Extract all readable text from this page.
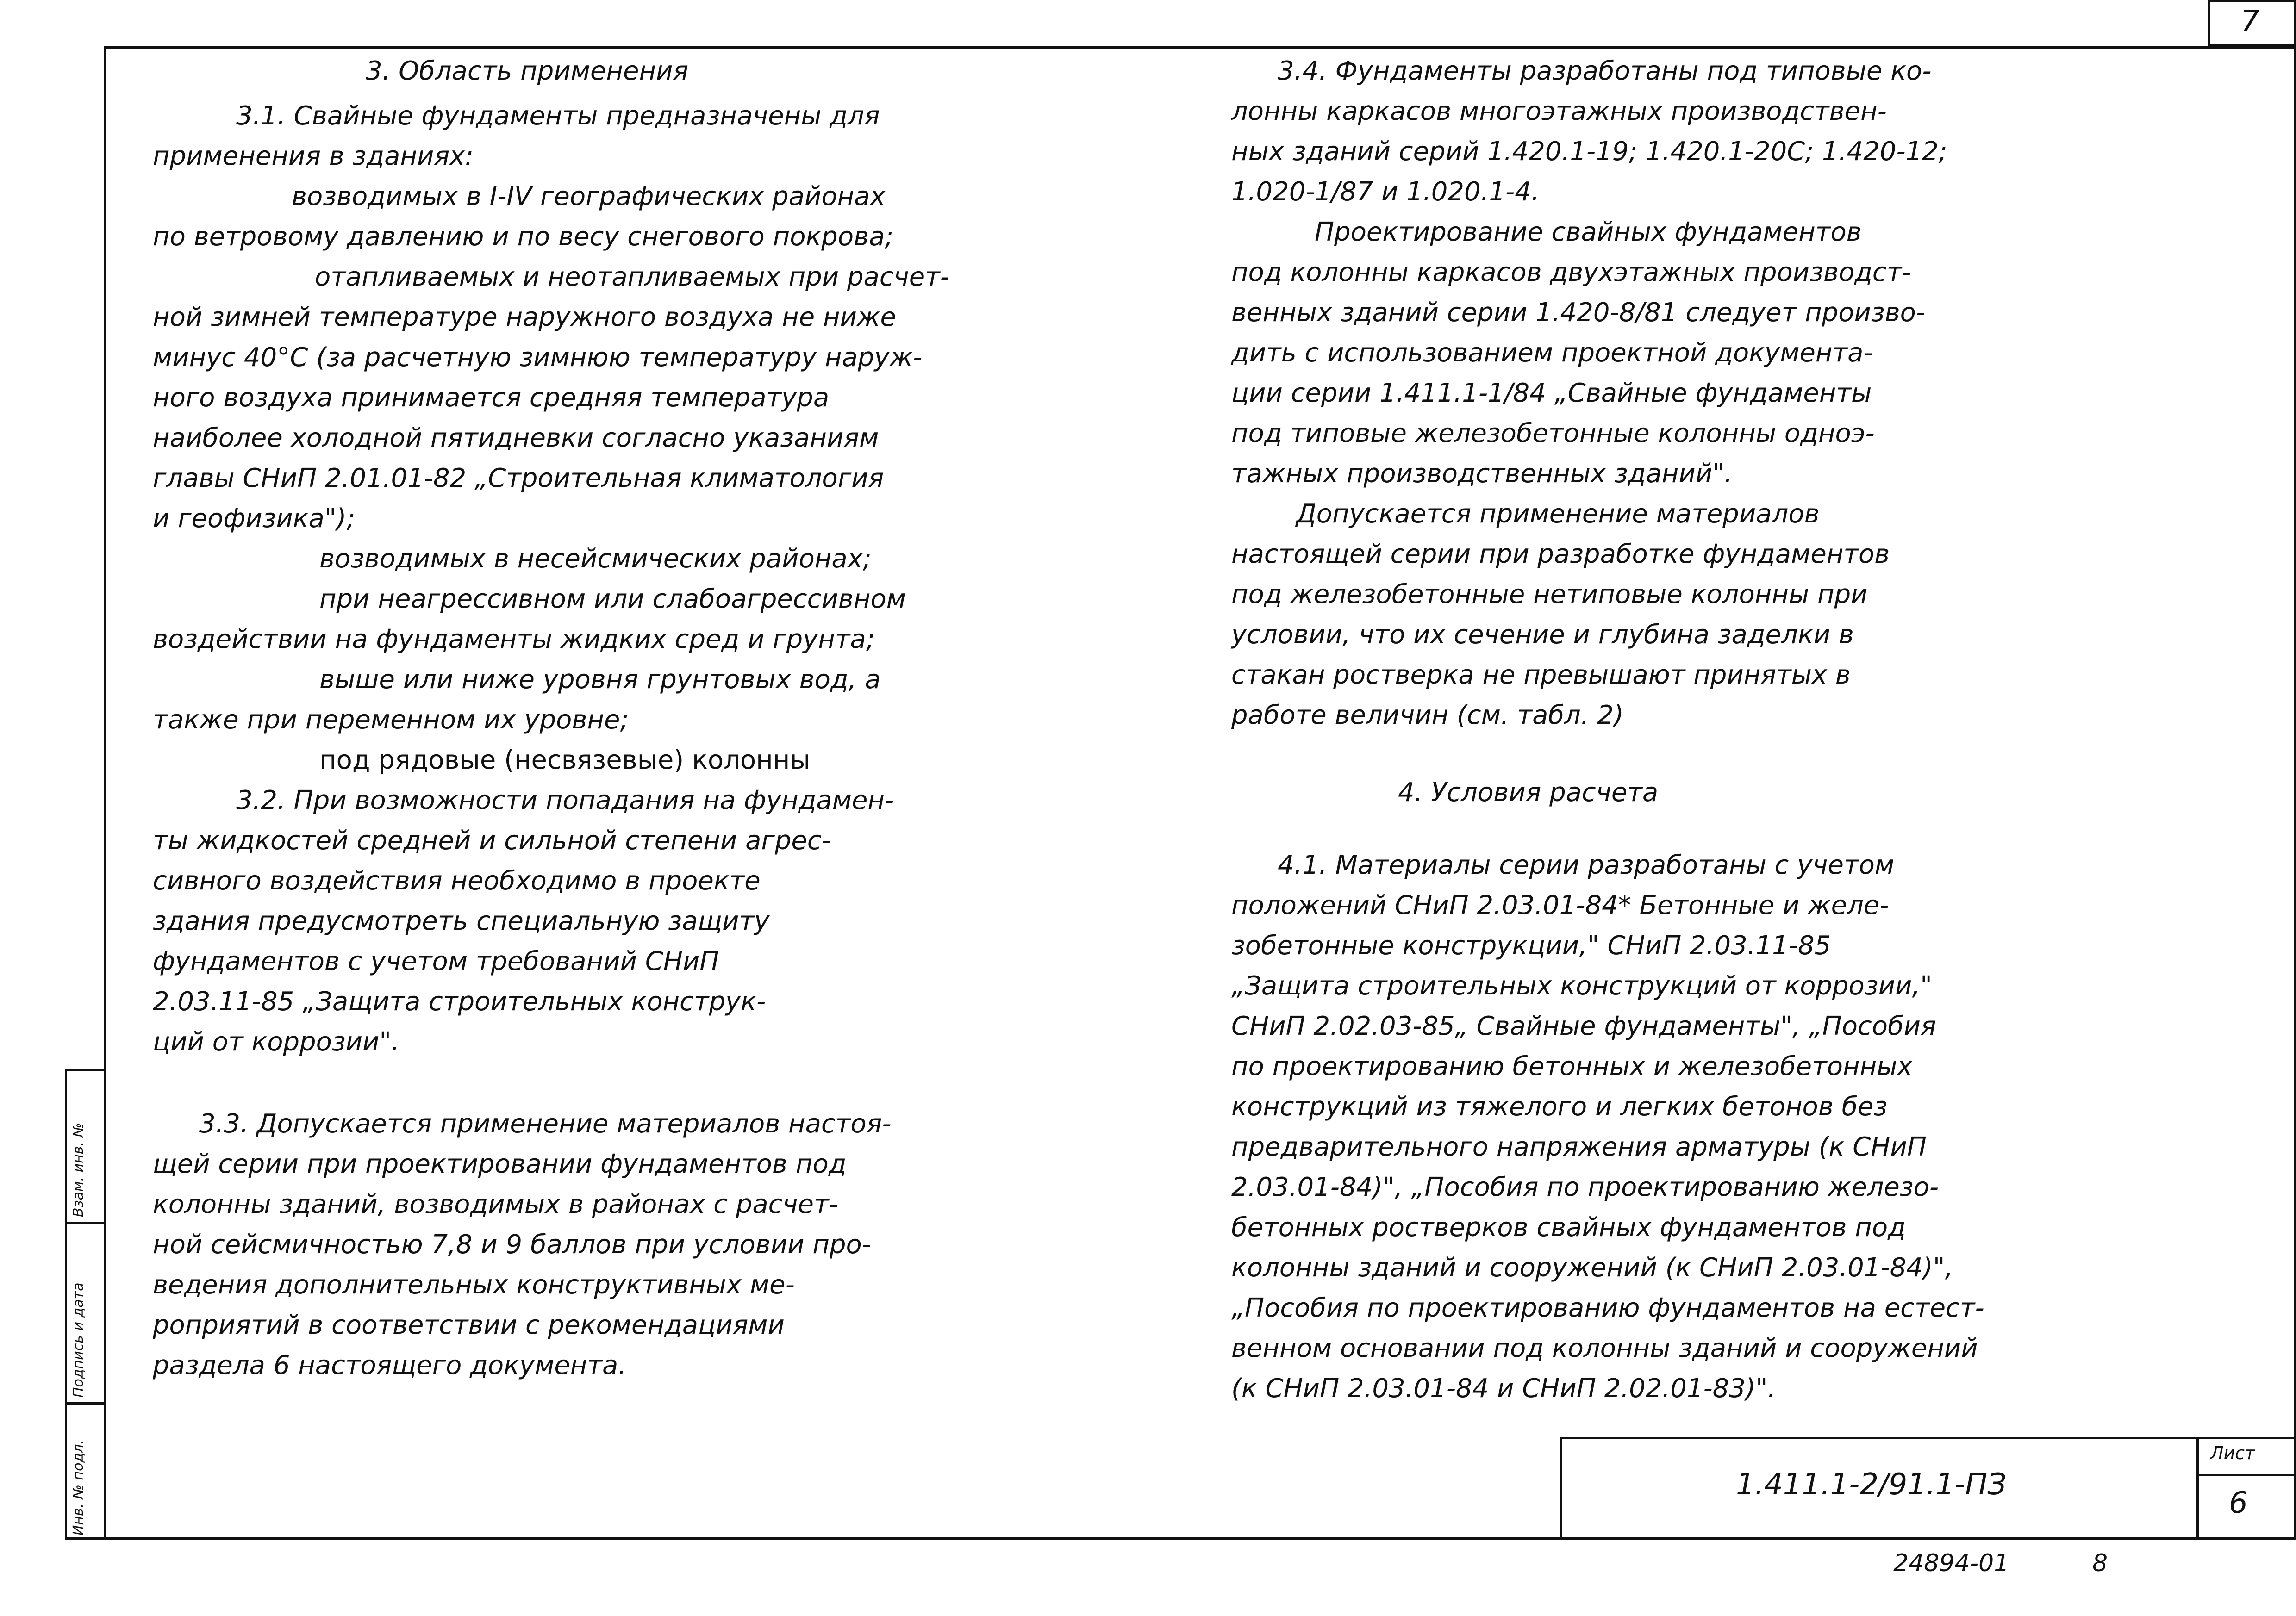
7
Взам. инв. №
Подпись и дата
Инв. № подл.
3. Область применения
3.1. Свайные фундаменты предназначены для
применения в зданиях:
возводимых в I-IV географических районах
по ветровому давлению и по весу снегового покрова;
отапливаемых и неотапливаемых при расчет-
ной зимней температуре наружного воздуха не ниже
минус 40°С (за расчетную зимнюю температуру наруж-
ного воздуха принимается средняя температура
наиболее холодной пятидневки согласно указаниям
главы СНиП 2.01.01-82 „Строительная климатология
и геофизика");
возводимых в несейсмических районах;
при неагрессивном или слабоагрессивном
воздействии на фундаменты жидких сред и грунта;
выше или ниже уровня грунтовых вод, а
также при переменном их уровне;
под рядовые (несвязевые) колонны
3.2. При возможности попадания на фундамен-
ты жидкостей средней и сильной степени агрес-
сивного воздействия необходимо в проекте
здания предусмотреть специальную защиту
фундаментов с учетом требований СНиП
2.03.11-85 „Защита строительных конструк-
ций от коррозии".
3.3. Допускается применение материалов настоя-
щей серии при проектировании фундаментов под
колонны зданий, возводимых в районах с расчет-
ной сейсмичностью 7,8 и 9 баллов при условии про-
ведения дополнительных конструктивных ме-
роприятий в соответствии с рекомендациями
раздела 6 настоящего документа.
3.4. Фундаменты разработаны под типовые ко-
лонны каркасов многоэтажных производствен-
ных зданий серий 1.420.1-19; 1.420.1-20С; 1.420-12;
1.020-1/87 и 1.020.1-4.
Проектирование свайных фундаментов
под колонны каркасов двухэтажных производст-
венных зданий серии 1.420-8/81 следует произво-
дить с использованием проектной документа-
ции серии 1.411.1-1/84 „Свайные фундаменты
под типовые железобетонные колонны одноэ-
тажных производственных зданий".
Допускается применение материалов
настоящей серии при разработке фундаментов
под железобетонные нетиповые колонны при
условии, что их сечение и глубина заделки в
стакан ростверка не превышают принятых в
работе величин (см. табл. 2)
4. Условия расчета
4.1. Материалы серии разработаны с учетом
положений СНиП 2.03.01-84* Бетонные и желе-
зобетонные конструкции," СНиП 2.03.11-85
„Защита строительных конструкций от коррозии,"
СНиП 2.02.03-85„ Свайные фундаменты", „Пособия
по проектированию бетонных и железобетонных
конструкций из тяжелого и легких бетонов без
предварительного напряжения арматуры (к СНиП
2.03.01-84)", „Пособия по проектированию железо-
бетонных ростверков свайных фундаментов под
колонны зданий и сооружений (к СНиП 2.03.01-84)",
„Пособия по проектированию фундаментов на естест-
венном основании под колонны зданий и сооружений
(к СНиП 2.03.01-84 и СНиП 2.02.01-83)".
1.411.1-2/91.1-ПЗ
Лист
6
24894-01	8
